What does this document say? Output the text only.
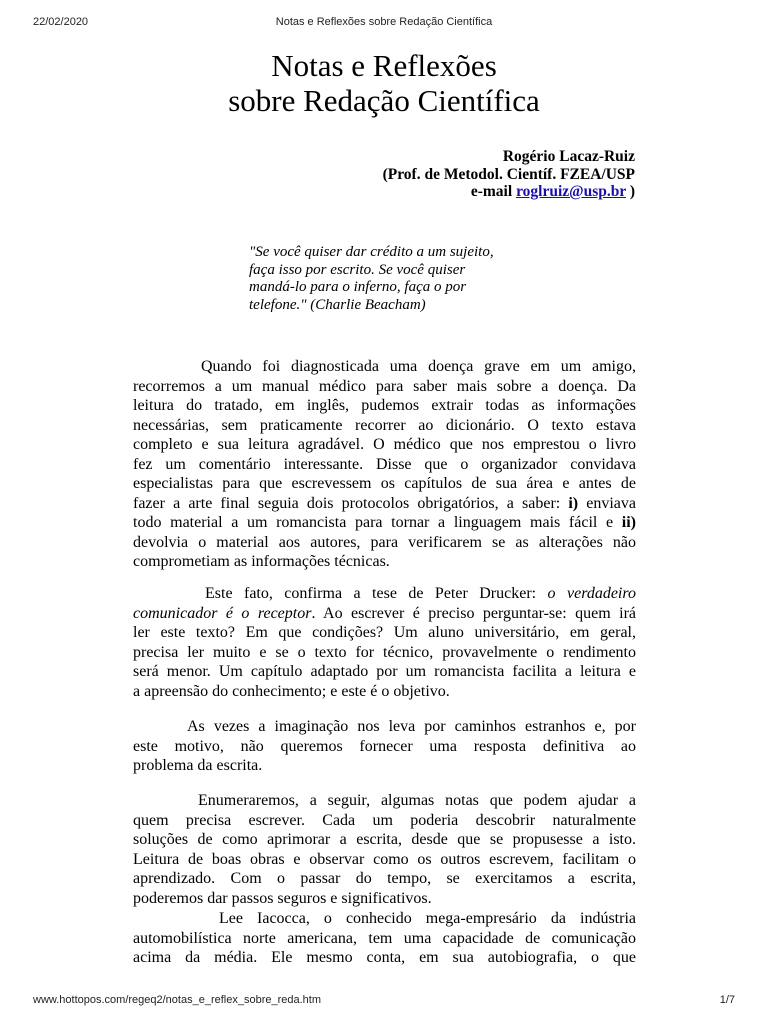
22/02/2020	Notas e Reflexões sobre Redação Científica
Notas e Reflexões
sobre Redação Científica
Rogério Lacaz-Ruiz
(Prof. de Metodol. Científ. FZEA/USP
e-mail roglruiz@usp.br )
"Se você quiser dar crédito a um sujeito,
faça isso por escrito. Se você quiser
mandá-lo para o inferno, faça o por
telefone." (Charlie Beacham)
Quando foi diagnosticada uma doença grave em um amigo,
recorremos a um manual médico para saber mais sobre a doença. Da
leitura do tratado, em inglês, pudemos extrair todas as informações
necessárias, sem praticamente recorrer ao dicionário. O texto estava
completo e sua leitura agradável. O médico que nos emprestou o livro
fez um comentário interessante. Disse que o organizador convidava
especialistas para que escrevessem os capítulos de sua área e antes de
fazer a arte final seguia dois protocolos obrigatórios, a saber: i) enviava
todo material a um romancista para tornar a linguagem mais fácil e ii)
devolvia o material aos autores, para verificarem se as alterações não
comprometiam as informações técnicas.
Este fato, confirma a tese de Peter Drucker: o verdadeiro
comunicador é o receptor. Ao escrever é preciso perguntar-se: quem irá
ler este texto? Em que condições? Um aluno universitário, em geral,
precisa ler muito e se o texto for técnico, provavelmente o rendimento
será menor. Um capítulo adaptado por um romancista facilita a leitura e
a apreensão do conhecimento; e este é o objetivo.
As vezes a imaginação nos leva por caminhos estranhos e, por
este motivo, não queremos fornecer uma resposta definitiva ao
problema da escrita.
Enumeraremos, a seguir, algumas notas que podem ajudar a
quem precisa escrever. Cada um poderia descobrir naturalmente
soluções de como aprimorar a escrita, desde que se propusesse a isto.
Leitura de boas obras e observar como os outros escrevem, facilitam o
aprendizado. Com o passar do tempo, se exercitamos a escrita,
poderemos dar passos seguros e significativos.
Lee Iacocca, o conhecido mega-empresário da indústria
automobilística norte americana, tem uma capacidade de comunicação
acima da média. Ele mesmo conta, em sua autobiografia, o que
www.hottopos.com/regeq2/notas_e_reflex_sobre_reda.htm	1/7
